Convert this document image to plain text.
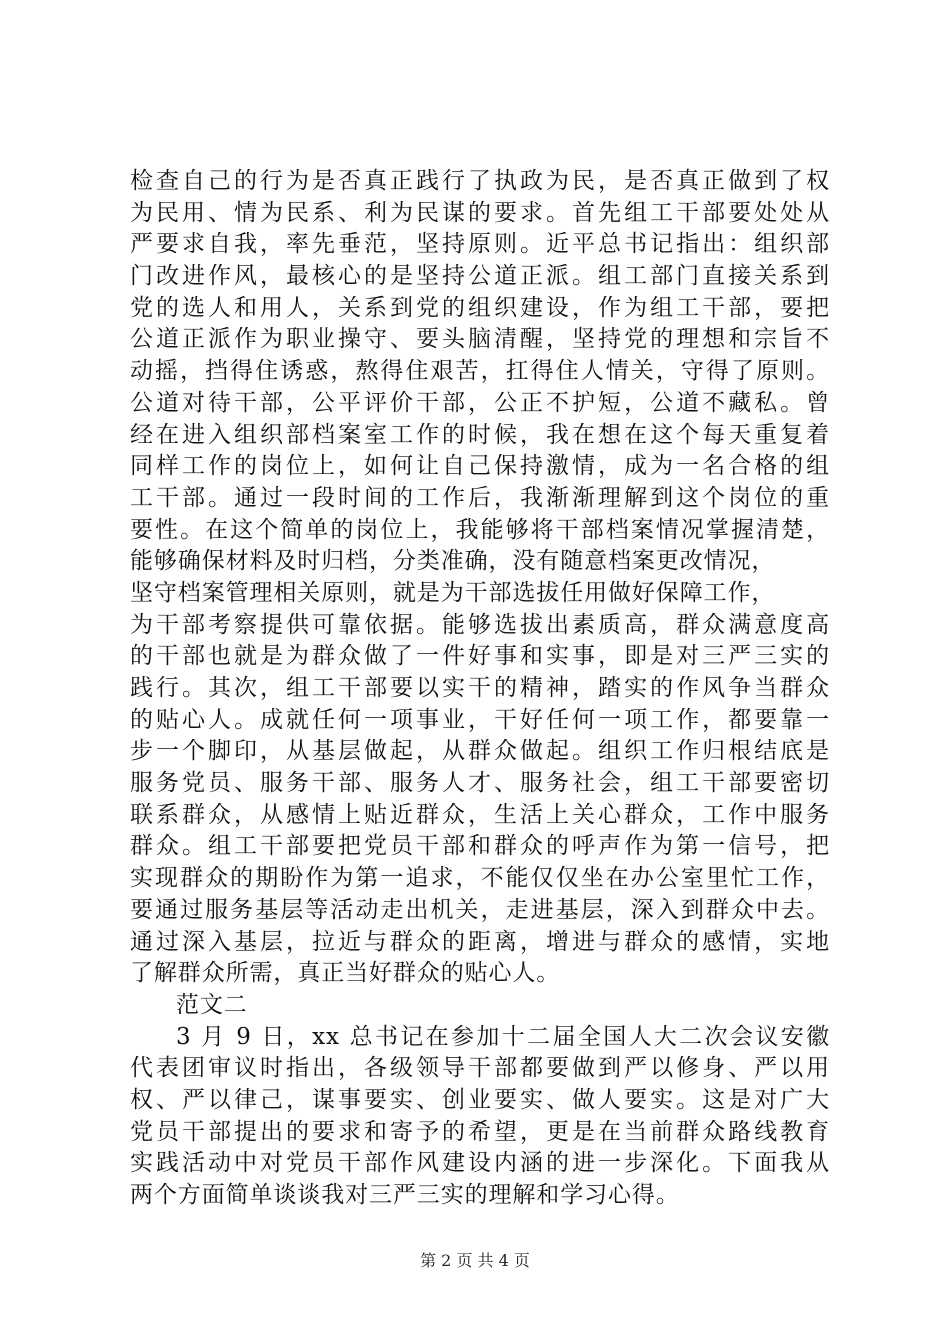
检查自己的行为是否真正践行了执政为民，是否真正做到了权
为民用、情为民系、利为民谋的要求。首先组工干部要处处从
严要求自我，率先垂范，坚持原则。近平总书记指出：组织部
门改进作风，最核心的是坚持公道正派。组工部门直接关系到
党的选人和用人，关系到党的组织建设，作为组工干部，要把
公道正派作为职业操守、要头脑清醒，坚持党的理想和宗旨不
动摇，挡得住诱惑，熬得住艰苦，扛得住人情关，守得了原则。
公道对待干部，公平评价干部，公正不护短，公道不藏私。曾
经在进入组织部档案室工作的时候，我在想在这个每天重复着
同样工作的岗位上，如何让自己保持激情，成为一名合格的组
工干部。通过一段时间的工作后，我渐渐理解到这个岗位的重
要性。在这个简单的岗位上，我能够将干部档案情况掌握清楚，
能够确保材料及时归档，分类准确，没有随意档案更改情况，
坚守档案管理相关原则，就是为干部选拔任用做好保障工作，
为干部考察提供可靠依据。能够选拔出素质高，群众满意度高
的干部也就是为群众做了一件好事和实事，即是对三严三实的
践行。其次，组工干部要以实干的精神，踏实的作风争当群众
的贴心人。成就任何一项事业，干好任何一项工作，都要靠一
步一个脚印，从基层做起，从群众做起。组织工作归根结底是
服务党员、服务干部、服务人才、服务社会，组工干部要密切
联系群众，从感情上贴近群众，生活上关心群众，工作中服务
群众。组工干部要把党员干部和群众的呼声作为第一信号，把
实现群众的期盼作为第一追求，不能仅仅坐在办公室里忙工作，
要通过服务基层等活动走出机关，走进基层，深入到群众中去。
通过深入基层，拉近与群众的距离，增进与群众的感情，实地
了解群众所需，真正当好群众的贴心人。
范文二
3 月 9 日，xx 总书记在参加十二届全国人大二次会议安徽
代表团审议时指出，各级领导干部都要做到严以修身、严以用
权、严以律己，谋事要实、创业要实、做人要实。这是对广大
党员干部提出的要求和寄予的希望，更是在当前群众路线教育
实践活动中对党员干部作风建设内涵的进一步深化。下面我从
两个方面简单谈谈我对三严三实的理解和学习心得。
第 2 页 共 4 页
